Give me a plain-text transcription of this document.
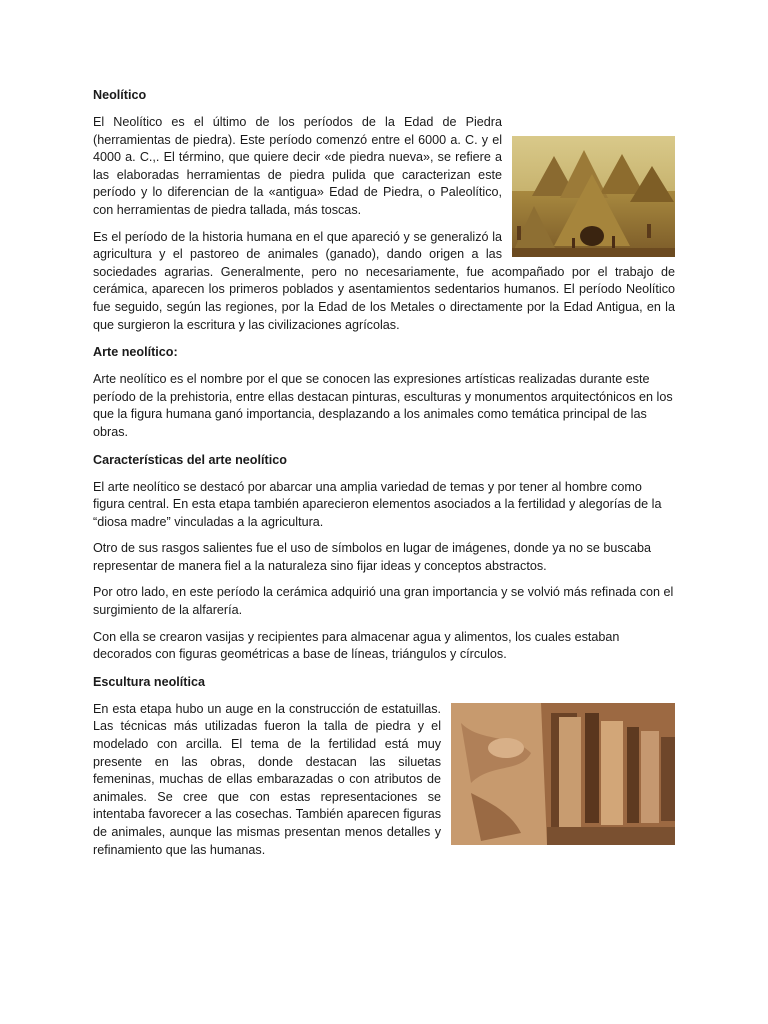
Neolítico

El Neolítico es el último de los períodos de la Edad de Piedra (herramientas de piedra). Este período comenzó entre el 6000 a. C. y el 4000 a. C.,. El término, que quiere decir «de piedra nueva», se refiere a las elaboradas herramientas de piedra pulida que caracterizan este período y lo diferencian de la «antigua» Edad de Piedra, o Paleolítico, con herramientas de piedra tallada, más toscas.

Es el período de la historia humana en el que apareció y se generalizó la agricultura y el pastoreo de animales (ganado), dando origen a las sociedades agrarias. Generalmente, pero no necesariamente, fue acompañado por el trabajo de cerámica, aparecen los primeros poblados y asentamientos sedentarios humanos. El período Neolítico fue seguido, según las regiones, por la Edad de los Metales o directamente por la Edad Antigua, en la que surgieron la escritura y las civilizaciones agrícolas.

Arte neolítico:

Arte neolítico es el nombre por el que se conocen las expresiones artísticas realizadas durante este período de la prehistoria, entre ellas destacan pinturas, esculturas y monumentos arquitectónicos en los que la figura humana ganó importancia, desplazando a los animales como temática principal de las obras.

Características del arte neolítico

El arte neolítico se destacó por abarcar una amplia variedad de temas y por tener al hombre como figura central. En esta etapa también aparecieron elementos asociados a la fertilidad y alegorías de la “diosa madre” vinculadas a la agricultura.

Otro de sus rasgos salientes fue el uso de símbolos en lugar de imágenes, donde ya no se buscaba representar de manera fiel a la naturaleza sino fijar ideas y conceptos abstractos.

Por otro lado, en este período la cerámica adquirió una gran importancia y se volvió más refinada con el surgimiento de la alfarería.

Con ella se crearon vasijas y recipientes para almacenar agua y alimentos, los cuales estaban decorados con figuras geométricas a base de líneas, triángulos y círculos.

Escultura neolítica

En esta etapa hubo un auge en la construcción de estatuillas. Las técnicas más utilizadas fueron la talla de piedra y el modelado con arcilla. El tema de la fertilidad está muy presente en las obras, donde destacan las siluetas femeninas, muchas de ellas embarazadas o con atributos de animales. Se cree que con estas representaciones se intentaba favorecer a las cosechas. También aparecen figuras de animales, aunque las mismas presentan menos detalles y refinamiento que las humanas.
